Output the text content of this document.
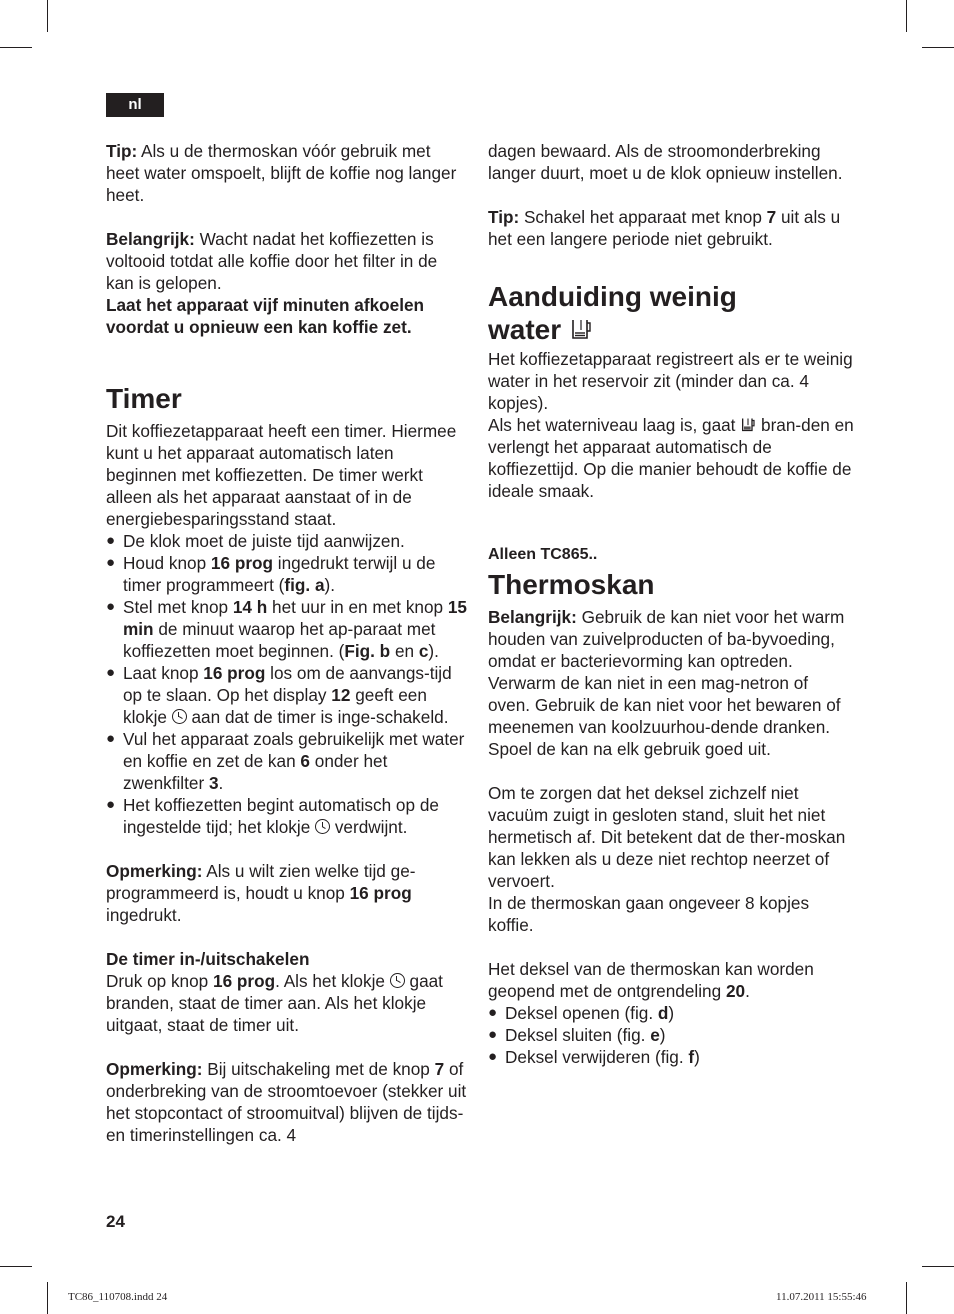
nl

Tip: Als u de thermoskan vóór gebruik met heet water omspoelt, blijft de koffie nog langer heet.

Belangrijk: Wacht nadat het koffiezetten is voltooid totdat alle koffie door het filter in de kan is gelopen.

Laat het apparaat vijf minuten afkoelen voordat u opnieuw een kan koffie zet.

Timer

Dit koffiezetapparaat heeft een timer. Hiermee kunt u het apparaat automatisch laten beginnen met koffiezetten. De timer werkt alleen als het apparaat aanstaat of in de energiebesparingsstand staat.

● De klok moet de juiste tijd aanwijzen.
● Houd knop 16 prog ingedrukt terwijl u de timer programmeert (fig. a).
● Stel met knop 14 h het uur in en met knop 15 min de minuut waarop het ap-paraat met koffiezetten moet beginnen. (Fig. b en c).
● Laat knop 16 prog los om de aanvangs-tijd op te slaan. Op het display 12 geeft een klokje  aan dat de timer is inge-schakeld.
● Vul het apparaat zoals gebruikelijk met water en koffie en zet de kan 6 onder het zwenkfilter 3.
● Het koffiezetten begint automatisch op de ingestelde tijd; het klokje  verdwijnt.

Opmerking: Als u wilt zien welke tijd ge-programmeerd is, houdt u knop 16 prog ingedrukt.

De timer in-/uitschakelen

Druk op knop 16 prog. Als het klokje  gaat branden, staat de timer aan. Als het klokje uitgaat, staat de timer uit.

Opmerking: Bij uitschakeling met de knop 7 of onderbreking van de stroomtoevoer (stekker uit het stopcontact of stroomuitval) blijven de tijds- en timerinstellingen ca. 4

dagen bewaard. Als de stroomonderbreking langer duurt, moet u de klok opnieuw instellen.

Tip: Schakel het apparaat met knop 7 uit als u het een langere periode niet gebruikt.

Aanduiding weinig
water

Het koffiezetapparaat registreert als er te weinig water in het reservoir zit (minder dan ca. 4 kopjes).

Als het waterniveau laag is, gaat  bran-den en verlengt het apparaat automatisch de koffiezettijd. Op die manier behoudt de koffie de ideale smaak.

Alleen TC865..

Thermoskan

Belangrijk: Gebruik de kan niet voor het warm houden van zuivelproducten of ba-byvoeding, omdat er bacterievorming kan optreden. Verwarm de kan niet in een mag-netron of oven. Gebruik de kan niet voor het bewaren of meenemen van koolzuurhou-dende dranken.

Spoel de kan na elk gebruik goed uit.

Om te zorgen dat het deksel zichzelf niet vacuüm zuigt in gesloten stand, sluit het niet hermetisch af. Dit betekent dat de ther-moskan kan lekken als u deze niet rechtop neerzet of vervoert.

In de thermoskan gaan ongeveer 8 kopjes koffie.

Het deksel van de thermoskan kan worden geopend met de ontgrendeling 20.

● Deksel openen (fig. d)
● Deksel sluiten (fig. e)
● Deksel verwijderen (fig. f)
24
TC86_110708.indd 24	11.07.2011 15:55:46
